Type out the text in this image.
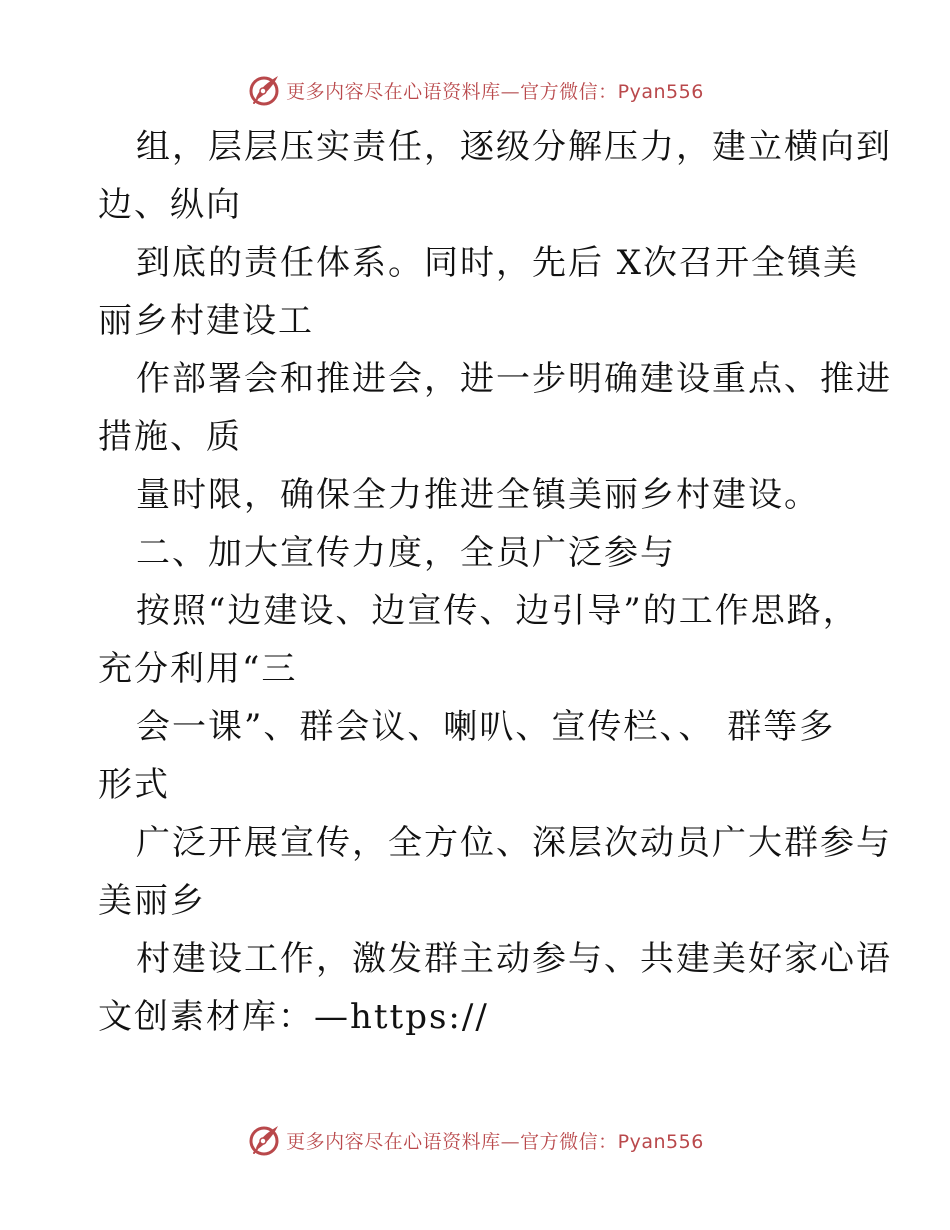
更多内容尽在心语资料库—官方微信：Pyan556
组，层层压实责任，逐级分解压力，建立横向到
边、纵向
到底的责任体系。同时，先后 X次召开全镇美
丽乡村建设工
作部署会和推进会，进一步明确建设重点、推进
措施、质
量时限，确保全力推进全镇美丽乡村建设。
二、加大宣传力度，全员广泛参与
按照“边建设、边宣传、边引导”的工作思路，
充分利用“三
会一课”、群会议、喇叭、宣传栏、、 群等多
形式
广泛开展宣传，全方位、深层次动员广大群参与
美丽乡
村建设工作，激发群主动参与、共建美好家心语
文创素材库：—https://
更多内容尽在心语资料库—官方微信：Pyan556
